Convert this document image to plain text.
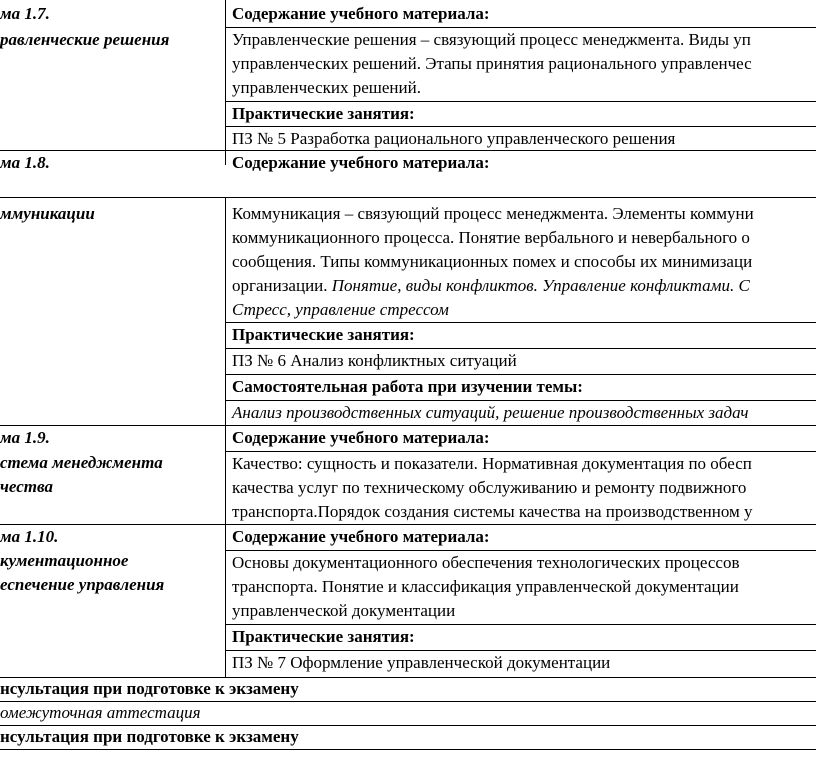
ма 1.7.
равленческие решения
Содержание учебного материала:
Управленческие решения – связующий процесс менеджмента. Виды уп
управленческих решений. Этапы принятия рационального управленчес
управленческих решений.
Практические занятия:
ПЗ № 5 Разработка рационального управленческого решения
ма 1.8.	Содержание учебного материала:
ммуникации	Коммуникация – связующий процесс менеджмента. Элементы коммуни
коммуникационного процесса. Понятие вербального и невербального о
сообщения. Типы коммуникационных помех и способы их минимизаци
организации. Понятие, виды конфликтов. Управление конфликтами. С
Стресс, управление стрессом
Практические занятия:
ПЗ № 6 Анализ конфликтных ситуаций
Самостоятельная работа при изучении темы:
Анализ производственных ситуаций, решение производственных задач
ма 1.9.
стема менеджмента
чества
Содержание учебного материала:
Качество: сущность и показатели. Нормативная документация по обесп
качества услуг по техническому обслуживанию и ремонту подвижного
транспорта.Порядок создания системы качества на производственном у
ма 1.10.
кументационное
еспечение управления
Содержание учебного материала:
Основы документационного обеспечения технологических процессов
транспорта. Понятие и классификация управленческой документации
управленческой документации
Практические занятия:
ПЗ № 7 Оформление управленческой документации
нсультация при подготовке к экзамену
омежуточная аттестация
нсультация при подготовке к экзамену
